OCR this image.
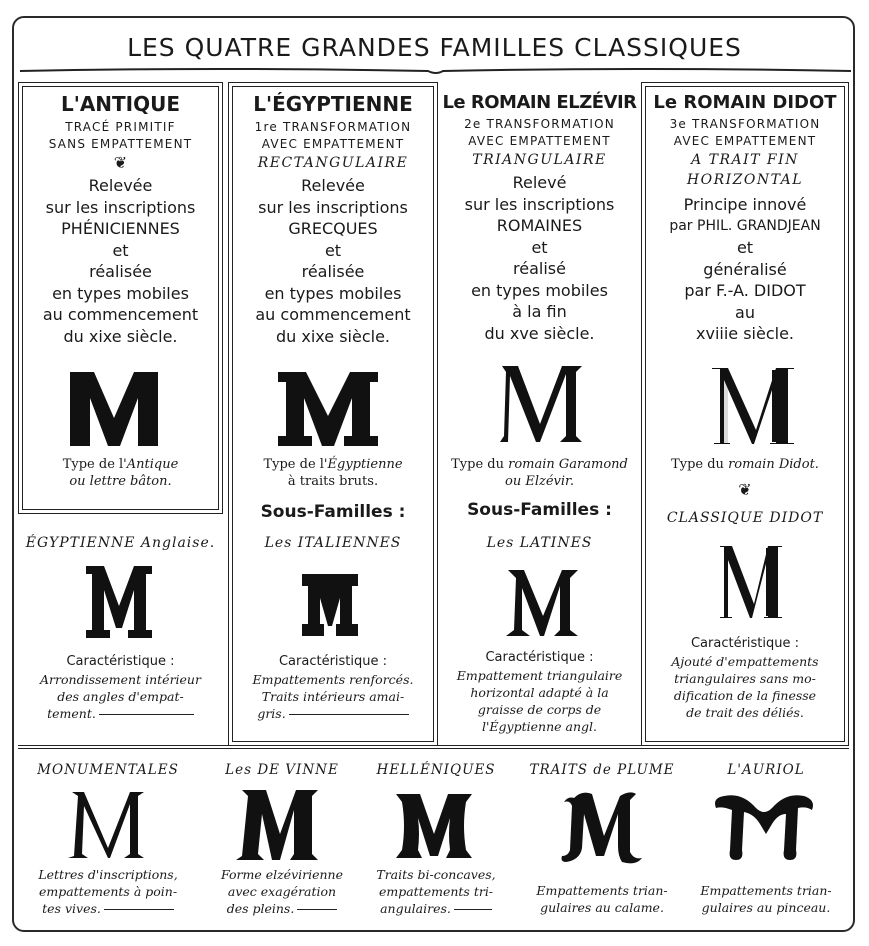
LES QUATRE GRANDES FAMILLES CLASSIQUES
L'ANTIQUE
TRACÉ PRIMITIF
SANS EMPATTEMENT
❦
Relevée
sur les inscriptions
PHÉNICIENNES
et
réalisée
en types mobiles
au commencement
du xixe siècle.
Type de l'Antique
ou lettre bâton.
L'ÉGYPTIENNE
1re TRANSFORMATION
AVEC EMPATTEMENT
RECTANGULAIRE
Relevée
sur les inscriptions
GRECQUES
et
réalisée
en types mobiles
au commencement
du xixe siècle.
Type de l'Égyptienne
à traits bruts.
Sous-Familles :
Le ROMAIN ELZÉVIR
2e TRANSFORMATION
AVEC EMPATTEMENT
TRIANGULAIRE
Relevé
sur les inscriptions
ROMAINES
et
réalisé
en types mobiles
à la fin
du xve siècle.
Type du romain Garamond
ou Elzévir.
Sous-Familles :
Le ROMAIN DIDOT
3e TRANSFORMATION
AVEC EMPATTEMENT
A TRAIT FIN HORIZONTAL
Principe innové
par PHIL. GRANDJEAN
et
généralisé
par F.-A. DIDOT
au
xviiie siècle.
Type du romain Didot.
❦
ÉGYPTIENNE Anglaise.
Caractéristique :
Arrondissement intérieur
des angles d'empat-
tement.
Les ITALIENNES
Caractéristique :
Empattements renforcés.
Traits intérieurs amai-
gris.
Les LATINES
Caractéristique :
Empattement triangulaire
horizontal adapté à la
graisse de corps de
l'Égyptienne angl.
CLASSIQUE DIDOT
Caractéristique :
Ajouté d'empattements
triangulaires sans mo-
dification de la finesse
de trait des déliés.
MONUMENTALES
Lettres d'inscriptions,
empattements à poin-
tes vives.
Les DE VINNE
Forme elzévirienne
avec exagération
des pleins.
HELLÉNIQUES
Traits bi-concaves,
empattements tri-
angulaires.
TRAITS de PLUME
Empattements trian-
gulaires au calame.
L'AURIOL
Empattements trian-
gulaires au pinceau.
